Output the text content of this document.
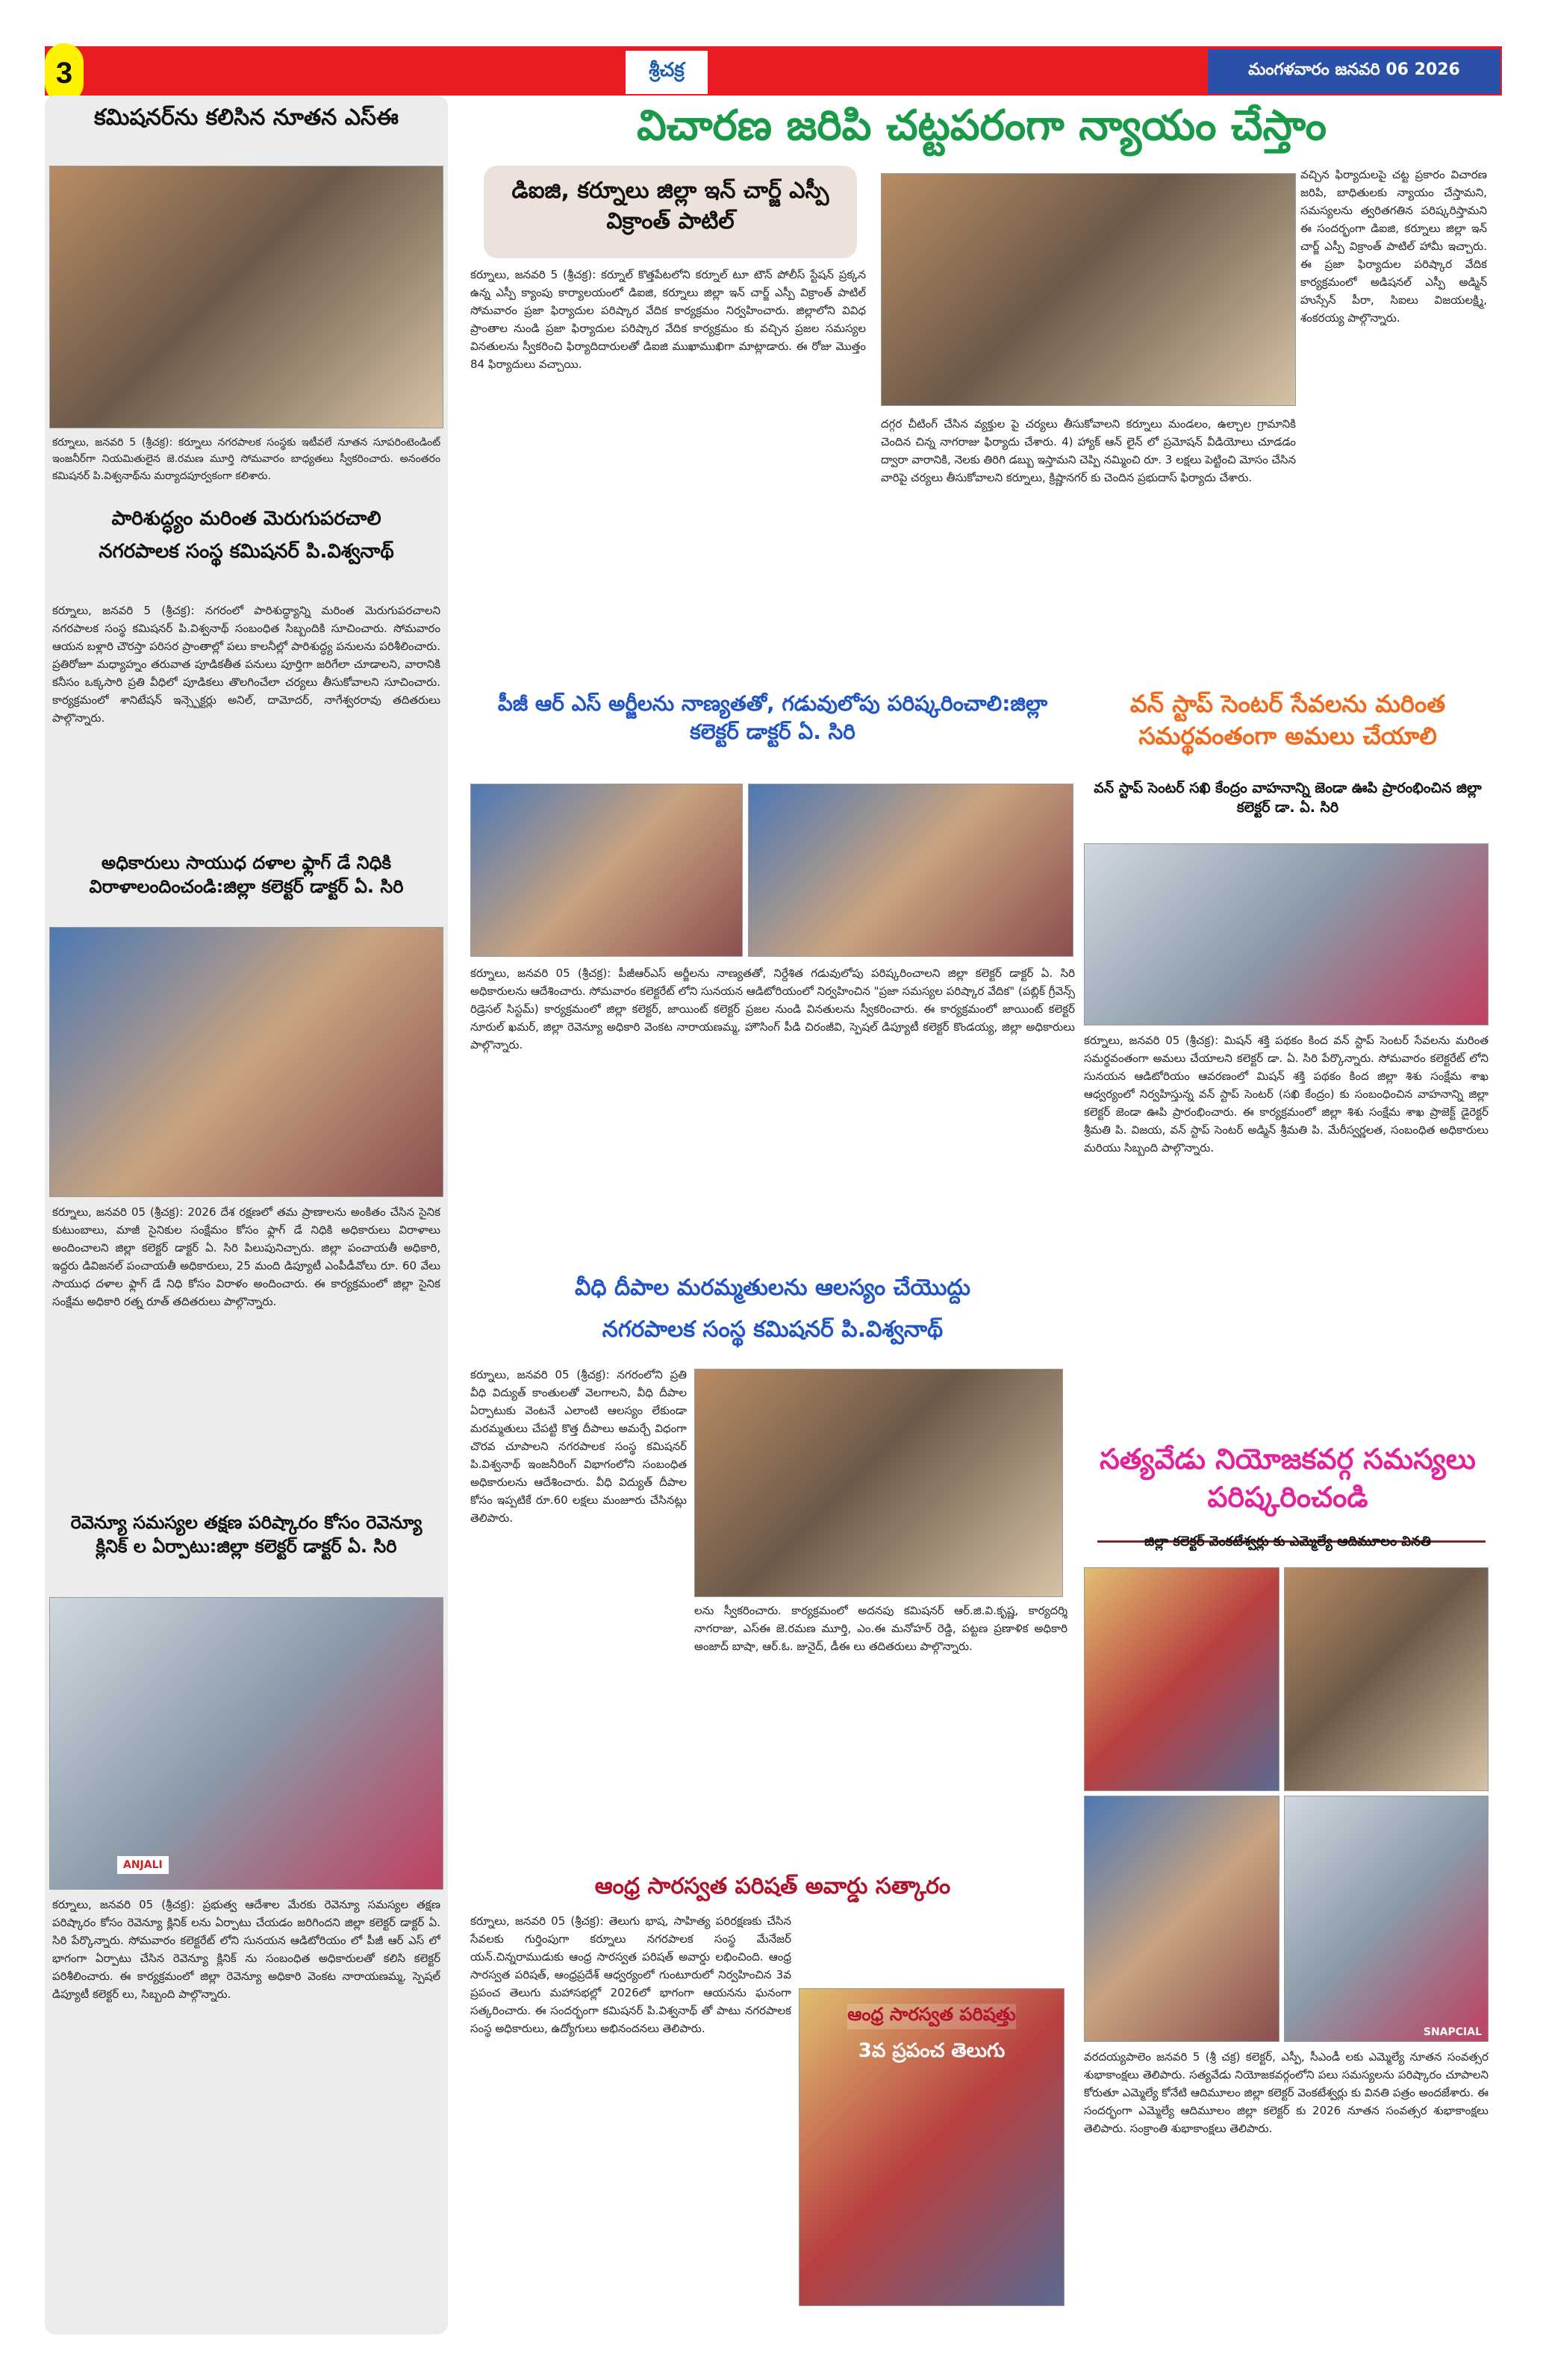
3	శ్రీచక్ర	మంగళవారం జనవరి 06 2026
కమిషనర్‌ను కలిసిన నూతన ఎస్ఈ
కర్నూలు, జనవరి 5 (శ్రీచక్ర): కర్నూలు నగరపాలక సంస్థకు ఇటీవలే నూతన సూపరింటెండింట్ ఇంజనీర్‌గా నియమితులైన జె.రమణ మూర్తి సోమవారం బాధ్యతలు స్వీకరించారు. అనంతరం కమిషనర్ పి.విశ్వనాథ్‌ను మర్యాదపూర్వకంగా కలిశారు.
పారిశుద్ధ్యం మరింత మెరుగుపరచాలి
నగరపాలక సంస్థ కమిషనర్ పి.విశ్వనాథ్
కర్నూలు, జనవరి 5 (శ్రీచక్ర): నగరంలో పారిశుద్ధ్యాన్ని మరింత మెరుగుపరచాలని నగరపాలక సంస్థ కమిషనర్ పి.విశ్వనాథ్ సంబంధిత సిబ్బందికి సూచించారు. సోమవారం ఆయన బళ్లారి చౌరస్తా పరిసర ప్రాంతాల్లో పలు కాలనీల్లో పారిశుద్ధ్య పనులను పరిశీలించారు. ప్రతిరోజూ మధ్యాహ్నం తరువాత పూడికతీత పనులు పూర్తిగా జరిగేలా చూడాలని, వారానికి కనీసం ఒక్కసారి ప్రతి వీధిలో పూడికలు తొలగించేలా చర్యలు తీసుకోవాలని సూచించారు. కార్యక్రమంలో శానిటేషన్ ఇన్స్పెక్టర్లు అనిల్, దామోదర్, నాగేశ్వరరావు తదితరులు పాల్గొన్నారు.
అధికారులు సాయుధ దళాల ఫ్లాగ్ డే నిధికి విరాళాలందించండి:జిల్లా కలెక్టర్ డాక్టర్ ఏ. సిరి
కర్నూలు, జనవరి 05 (శ్రీచక్ర): 2026 దేశ రక్షణలో తమ ప్రాణాలను అంకితం చేసిన సైనిక కుటుంబాలు, మాజీ సైనికుల సంక్షేమం కోసం ఫ్లాగ్ డే నిధికి అధికారులు విరాళాలు అందించాలని జిల్లా కలెక్టర్ డాక్టర్ ఏ. సిరి పిలుపునిచ్చారు. జిల్లా పంచాయతీ అధికారి, ఇద్దరు డివిజనల్ పంచాయతీ అధికారులు, 25 మంది డిప్యూటీ ఎంపీడీవోలు రూ. 60 వేలు సాయుధ దళాల ఫ్లాగ్ డే నిధి కోసం విరాళం అందించారు. ఈ కార్యక్రమంలో జిల్లా సైనిక సంక్షేమ అధికారి రత్న రూత్ తదితరులు పాల్గొన్నారు.
రెవెన్యూ సమస్యల తక్షణ పరిష్కారం కోసం రెవెన్యూ క్లినిక్ ల ఏర్పాటు:జిల్లా కలెక్టర్ డాక్టర్ ఏ. సిరి
ANJALI
కర్నూలు, జనవరి 05 (శ్రీచక్ర): ప్రభుత్వ ఆదేశాల మేరకు రెవెన్యూ సమస్యల తక్షణ పరిష్కారం కోసం రెవెన్యూ క్లినిక్ లను ఏర్పాటు చేయడం జరిగిందని జిల్లా కలెక్టర్ డాక్టర్ ఏ. సిరి పేర్కొన్నారు. సోమవారం కలెక్టరేట్ లోని సునయన ఆడిటోరియం లో పీజీ ఆర్ ఎస్ లో భాగంగా ఏర్పాటు చేసిన రెవెన్యూ క్లినిక్ ను సంబంధిత అధికారులతో కలిసి కలెక్టర్ పరిశీలించారు. ఈ కార్యక్రమంలో జిల్లా రెవెన్యూ అధికారి వెంకట నారాయణమ్మ, స్పెషల్ డిప్యూటీ కలెక్టర్ లు, సిబ్బంది పాల్గొన్నారు.
విచారణ జరిపి చట్టపరంగా న్యాయం చేస్తాం
డిఐజి, కర్నూలు జిల్లా ఇన్ చార్జ్ ఎస్పీ విక్రాంత్ పాటిల్
కర్నూలు, జనవరి 5 (శ్రీచక్ర): కర్నూల్ కొత్తపేటలోని కర్నూల్ టూ టౌన్ పోలీస్ స్టేషన్ ప్రక్కన ఉన్న ఎస్పీ క్యాంపు కార్యాలయంలో డిఐజి, కర్నూలు జిల్లా ఇన్ చార్జ్ ఎస్పీ విక్రాంత్ పాటిల్ సోమవారం ప్రజా ఫిర్యాదుల పరిష్కార వేదిక కార్యక్రమం నిర్వహించారు. జిల్లాలోని వివిధ ప్రాంతాల నుండి ప్రజా ఫిర్యాదుల పరిష్కార వేదిక కార్యక్రమం కు వచ్చిన ప్రజల సమస్యల వినతులను స్వీకరించి ఫిర్యాదిదారులతో డిఐజి ముఖాముఖిగా మాట్లాడారు. ఈ రోజు మొత్తం 84 ఫిర్యాదులు వచ్చాయి.
దగ్గర చీటింగ్ చేసిన వ్యక్తుల పై చర్యలు తీసుకోవాలని కర్నూలు మండలం, ఉల్చాల గ్రామానికి చెందిన చిన్న నాగరాజు ఫిర్యాదు చేశారు. 4) హ్యాక్ ఆన్ లైన్ లో ప్రమోషన్ వీడియోలు చూడడం ద్వారా వారానికి, నెలకు తిరిగి డబ్బు ఇస్తామని చెప్పి నమ్మించి రూ. 3 లక్షలు పెట్టించి మోసం చేసిన వారిపై చర్యలు తీసుకోవాలని కర్నూలు, క్రిష్ణానగర్ కు చెందిన ప్రభుదాస్ ఫిర్యాదు చేశారు.
వచ్చిన ఫిర్యాదులపై చట్ట ప్రకారం విచారణ జరిపి, బాధితులకు న్యాయం చేస్తామని, సమస్యలను త్వరితగతిన పరిష్కరిస్తామని ఈ సందర్భంగా డిఐజి, కర్నూలు జిల్లా ఇన్ చార్జ్ ఎస్పీ విక్రాంత్ పాటిల్ హామీ ఇచ్చారు. ఈ ప్రజా ఫిర్యాదుల పరిష్కార వేదిక కార్యక్రమంలో అడిషనల్ ఎస్పీ అడ్మిన్ హుస్సేన్ పీరా, సిఐలు విజయలక్ష్మి, శంకరయ్య పాల్గొన్నారు.
పీజీ ఆర్ ఎస్ అర్జీలను నాణ్యతతో, గడువులోపు పరిష్కరించాలి:జిల్లా కలెక్టర్ డాక్టర్ ఏ. సిరి
కర్నూలు, జనవరి 05 (శ్రీచక్ర): పీజీఆర్ఎస్ అర్జీలను నాణ్యతతో, నిర్దేశిత గడువులోపు పరిష్కరించాలని జిల్లా కలెక్టర్ డాక్టర్ ఏ. సిరి అధికారులను ఆదేశించారు. సోమవారం కలెక్టరేట్ లోని సునయన ఆడిటోరియంలో నిర్వహించిన "ప్రజా సమస్యల పరిష్కార వేదిక" (పబ్లిక్ గ్రీవెన్స్ రిడ్రెసల్ సిస్టమ్) కార్యక్రమంలో జిల్లా కలెక్టర్, జాయింట్ కలెక్టర్ ప్రజల నుండి వినతులను స్వీకరించారు. ఈ కార్యక్రమంలో జాయింట్ కలెక్టర్ నూరుల్ ఖమర్, జిల్లా రెవెన్యూ అధికారి వెంకట నారాయణమ్మ, హౌసింగ్ పీడి చిరంజీవి, స్పెషల్ డిప్యూటీ కలెక్టర్ కొండయ్య, జిల్లా అధికారులు పాల్గొన్నారు.
వీధి దీపాల మరమ్మతులను ఆలస్యం చేయొద్దు
నగరపాలక సంస్థ కమిషనర్ పి.విశ్వనాథ్
కర్నూలు, జనవరి 05 (శ్రీచక్ర): నగరంలోని ప్రతి వీధి విద్యుత్ కాంతులతో వెలగాలని, వీధి దీపాల ఏర్పాటుకు వెంటనే ఎలాంటి ఆలస్యం లేకుండా మరమ్మతులు చేపట్టి కొత్త దీపాలు అమర్చే విధంగా చొరవ చూపాలని నగరపాలక సంస్థ కమిషనర్ పి.విశ్వనాథ్ ఇంజనీరింగ్ విభాగంలోని సంబంధిత అధికారులను ఆదేశించారు. వీధి విద్యుత్ దీపాల కోసం ఇప్పటికే రూ.60 లక్షలు మంజూరు చేసినట్లు తెలిపారు.
లను స్వీకరించారు. కార్యక్రమంలో అదనపు కమిషనర్ ఆర్.జి.వి.కృష్ణ, కార్యదర్శి నాగరాజు, ఎస్ఈ జె.రమణ మూర్తి, ఎం.ఈ మనోహర్ రెడ్డి, పట్టణ ప్రణాళిక అధికారి అంజాద్ బాషా, ఆర్.ఓ. జునైద్, డీఈ లు తదితరులు పాల్గొన్నారు.
ఆంధ్ర సారస్వత పరిషత్ అవార్డు సత్కారం
కర్నూలు, జనవరి 05 (శ్రీచక్ర): తెలుగు భాష, సాహిత్య పరిరక్షణకు చేసిన సేవలకు గుర్తింపుగా కర్నూలు నగరపాలక సంస్థ మేనేజర్ యన్.చిన్నరాముడుకు ఆంధ్ర సారస్వత పరిషత్ అవార్డు లభించింది. ఆంధ్ర సారస్వత పరిషత్, ఆంధ్రప్రదేశ్ ఆధ్వర్యంలో గుంటూరులో నిర్వహించిన 3వ ప్రపంచ తెలుగు మహాసభల్లో 2026లో భాగంగా ఆయనను ఘనంగా సత్కరించారు. ఈ సందర్భంగా కమిషనర్ పి.విశ్వనాథ్ తో పాటు నగరపాలక సంస్థ అధికారులు, ఉద్యోగులు అభినందనలు తెలిపారు.
ఆంధ్ర సారస్వత పరిషత్తు
3వ ప్రపంచ తెలుగు
వన్ స్టాప్ సెంటర్ సేవలను మరింత సమర్థవంతంగా అమలు చేయాలి
వన్ స్టాప్ సెంటర్ సఖి కేంద్రం వాహనాన్ని జెండా ఊపి ప్రారంభించిన జిల్లా కలెక్టర్ డా. ఏ. సిరి
కర్నూలు, జనవరి 05 (శ్రీచక్ర): మిషన్ శక్తి పథకం కింద వన్ స్టాప్ సెంటర్ సేవలను మరింత సమర్థవంతంగా అమలు చేయాలని కలెక్టర్ డా. ఏ. సిరి పేర్కొన్నారు. సోమవారం కలెక్టరేట్ లోని సునయన ఆడిటోరియం ఆవరణంలో మిషన్ శక్తి పథకం కింద జిల్లా శిశు సంక్షేమ శాఖ ఆధ్వర్యంలో నిర్వహిస్తున్న వన్ స్టాప్ సెంటర్ (సఖి కేంద్రం) కు సంబంధించిన వాహనాన్ని జిల్లా కలెక్టర్ జెండా ఊపి ప్రారంభించారు. ఈ కార్యక్రమంలో జిల్లా శిశు సంక్షేమ శాఖ ప్రాజెక్ట్ డైరెక్టర్ శ్రీమతి పి. విజయ, వన్ స్టాప్ సెంటర్ అడ్మిన్ శ్రీమతి పి. మేరీస్వర్ణలత, సంబంధిత అధికారులు మరియు సిబ్బంది పాల్గొన్నారు.
సత్యవేడు నియోజకవర్గ సమస్యలు పరిష్కరించండి
జిల్లా కలెక్టర్ వెంకటేశ్వర్లు కు ఎమ్మెల్యే ఆదిమూలం వినతి
SNAPCIAL
వరదయ్యపాలెం జనవరి 5 (శ్రీ చక్ర) కలెక్టర్, ఎస్పీ, సీఎండీ లకు ఎమ్మెల్యే నూతన సంవత్సర శుభాకాంక్షలు తెలిపారు. సత్యవేడు నియోజకవర్గంలోని పలు సమస్యలను పరిష్కారం చూపాలని కోరుతూ ఎమ్మెల్యే కోనేటి ఆదిమూలం జిల్లా కలెక్టర్ వెంకటేశ్వర్లు కు వినతి పత్రం అందజేశారు. ఈ సందర్భంగా ఎమ్మెల్యే ఆదిమూలం జిల్లా కలెక్టర్ కు 2026 నూతన సంవత్సర శుభాకాంక్షలు తెలిపారు. సంక్రాంతి శుభాకాంక్షలు తెలిపారు.
